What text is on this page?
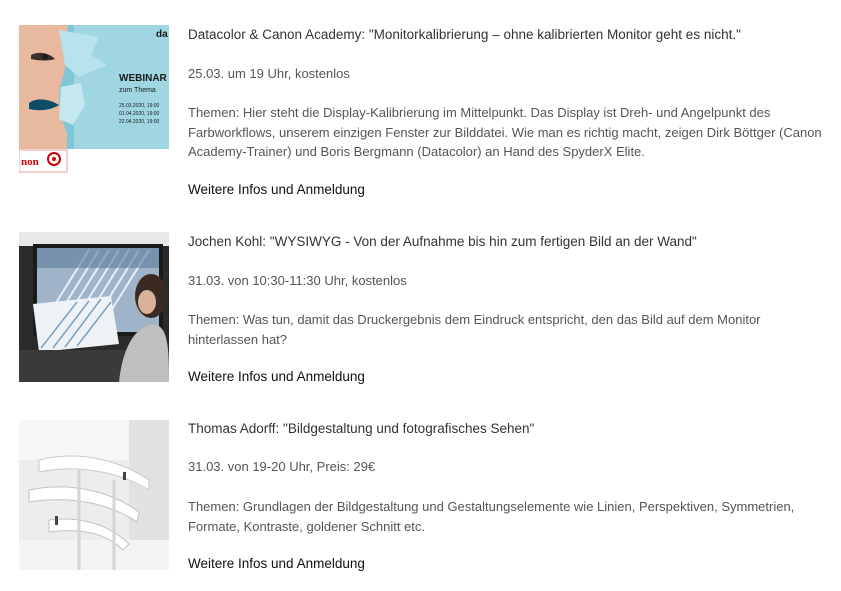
da
WEBINAR
zum Thema
25.03.2020, 19:00
01.04.2020, 19:00
22.04.2020, 19:00
non

Datacolor & Canon Academy: "Monitorkalibrierung – ohne kalibrierten Monitor geht es nicht."

25.03. um 19 Uhr, kostenlos
Themen: Hier steht die Display-Kalibrierung im Mittelpunkt. Das Display ist Dreh- und Angelpunkt des Farbworkflows, unserem einzigen Fenster zur Bilddatei. Wie man es richtig macht, zeigen Dirk Böttger (Canon Academy-Trainer) und Boris Bergmann (Datacolor) an Hand des SpyderX Elite.
Weitere Infos und Anmeldung

Jochen Kohl: "WYSIWYG - Von der Aufnahme bis hin zum fertigen Bild an der Wand"

31.03. von 10:30-11:30 Uhr, kostenlos
Themen: Was tun, damit das Druckergebnis dem Eindruck entspricht, den das Bild auf dem Monitor hinterlassen hat?
Weitere Infos und Anmeldung

Thomas Adorff: "Bildgestaltung und fotografisches Sehen"

31.03. von 19-20 Uhr, Preis: 29€
Themen: Grundlagen der Bildgestaltung und Gestaltungselemente wie Linien, Perspektiven, Symmetrien, Formate, Kontraste, goldener Schnitt etc.
Weitere Infos und Anmeldung
